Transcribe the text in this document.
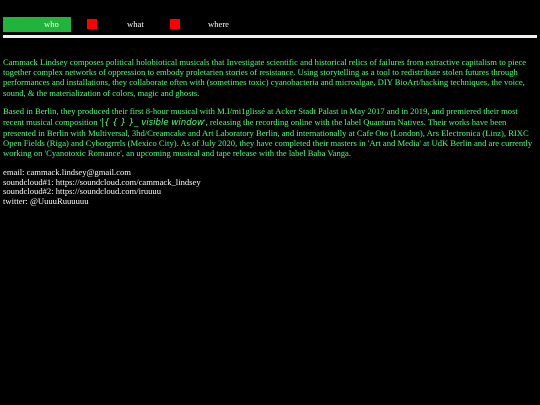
who	what	where

Cammack Lindsey composes political holobiotical musicals that Investigate scientific and historical relics of failures from extractive capitalism to piece together complex networks of oppression to embody proletarien stories of resistance. Using storytelling as a tool to redistribute stolen futures through performances and installations, they collaborate often with (sometimes toxic) cyanobacteria and microalgae, DIY BioArt/hacking techniques, the voice, sound, & the materialization of colors, magic and ghosts.

Based in Berlin, they produced their first 8-hour musical with M.I/mi1glissé at Acker Stadt Palast in May 2017 and in 2019, and premiered their most recent musical composition '|{ { } }_ visible window', releasing the recording online with the label Quantum Natives. Their works have been presented in Berlin with Multiversal, 3hd/Creamcake and Art Laboratory Berlin, and internationally at Cafe Oto (London), Ars Electronica (Linz), RIXC Open Fields (Riga) and Cyborgrrrls (Mexico City). As of July 2020, they have completed their masters in 'Art and Media' at UdK Berlin and are currently working on 'Cyanotoxic Romance', an upcoming musical and tape release with the label Baba Vanga.

email: cammack.lindsey@gmail.com
soundcloud#1: https://soundcloud.com/cammack_lindsey
soundcloud#2: https://soundcloud.com/iruuuu
twitter: @UuuuRuuuuuu
